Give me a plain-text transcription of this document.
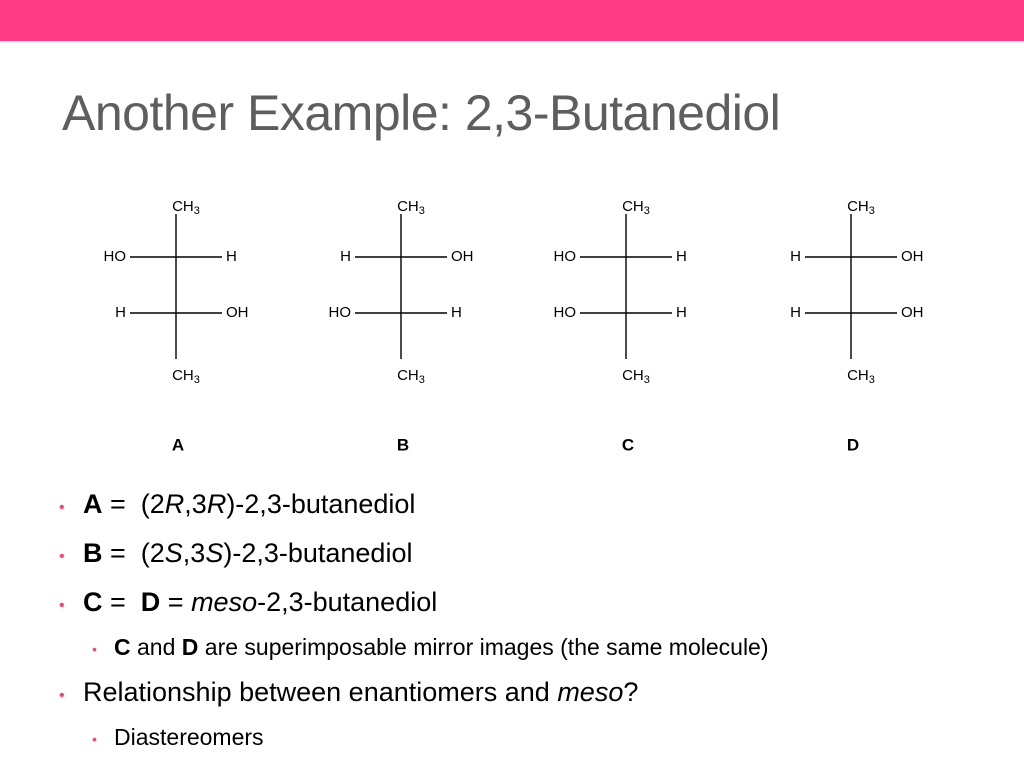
Another Example: 2,3-Butanediol
$CH_3$
HO	H
H	OH
$CH_3$
A
$CH_3$
H	OH
HO	H
$CH_3$
B
$CH_3$
HO	H
HO	H
$CH_3$
C
$CH_3$
H	OH
H	OH
$CH_3$
D
• A =  (2R,3R)-2,3-butanediol
• B =  (2S,3S)-2,3-butanediol
• C =  D = meso-2,3-butanediol
• C and D are superimposable mirror images (the same molecule)
• Relationship between enantiomers and meso?
• Diastereomers
